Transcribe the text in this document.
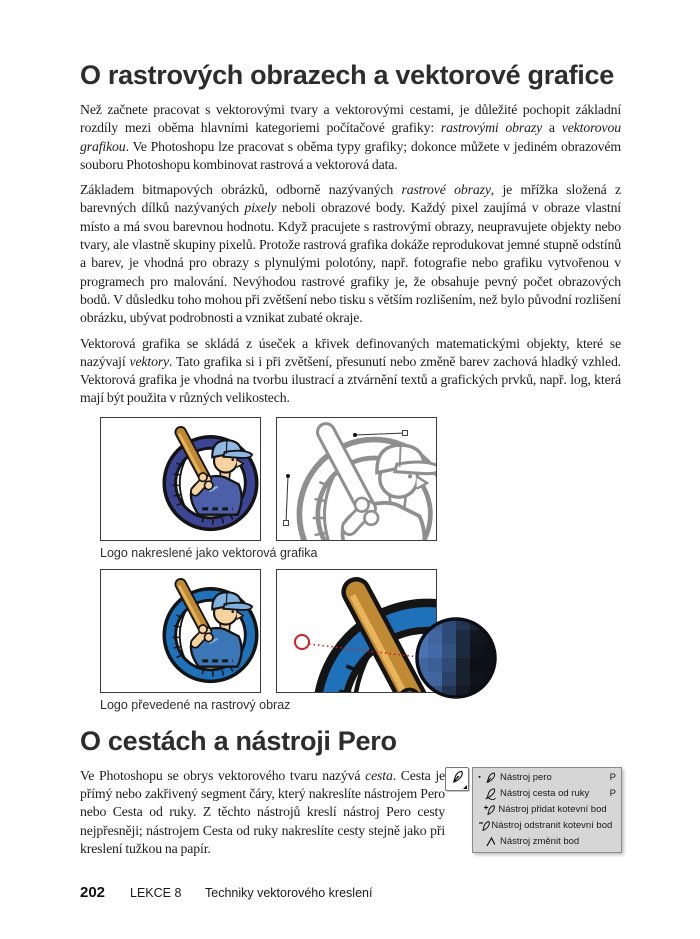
O rastrových obrazech a vektorové grafice

Než začnete pracovat s vektorovými tvary a vektorovými cestami, je důležité pochopit základní rozdíly mezi oběma hlavními kategoriemi počítačové grafiky: rastrovými obrazy a vektorovou grafikou. Ve Photoshopu lze pracovat s oběma typy grafiky; dokonce můžete v jediném obrazovém souboru Photoshopu kombinovat rastrová a vektorová data.

Základem bitmapových obrázků, odborně nazývaných rastrové obrazy, je mřížka složená z barevných dílků nazývaných pixely neboli obrazové body. Každý pixel zaujímá v obraze vlastní místo a má svou barevnou hodnotu. Když pracujete s rastrovými obrazy, neupravujete objekty nebo tvary, ale vlastně skupiny pixelů. Protože rastrová grafika dokáže reprodukovat jemné stupně odstínů a barev, je vhodná pro obrazy s plynulými polotóny, např. fotografie nebo grafiku vytvořenou v programech pro malování. Nevýhodou rastrové grafiky je, že obsahuje pevný počet obrazových bodů. V důsledku toho mohou při zvětšení nebo tisku s větším rozlišením, než bylo původní rozlišení obrázku, ubývat podrobnosti a vznikat zubaté okraje.

Vektorová grafika se skládá z úseček a křivek definovaných matematickými objekty, které se nazývají vektory. Tato grafika si i při zvětšení, přesunutí nebo změně barev zachová hladký vzhled. Vektorová grafika je vhodná na tvorbu ilustrací a ztvárnění textů a grafických prvků, např. log, která mají být použita v různých velikostech.

Logo nakreslené jako vektorová grafika
Logo převedené na rastrový obraz
O cestách a nástroji Pero

Ve Photoshopu se obrys vektorového tvaru nazývá cesta. Cesta je přímý nebo zakřivený segment čáry, který nakreslíte nástrojem Pero nebo Cesta od ruky. Z těchto nástrojů kreslí nástroj Pero cesty nejpřesněji; nástrojem Cesta od ruky nakreslíte cesty stejně jako při kreslení tužkou na papír.

▪	Nástroj pero	P
Nástroj cesta od ruky	P
Nástroj přidat kotevní bod
Nástroj odstranit kotevní bod
Nástroj změnit bod
202 LEKCE 8 Techniky vektorového kreslení
